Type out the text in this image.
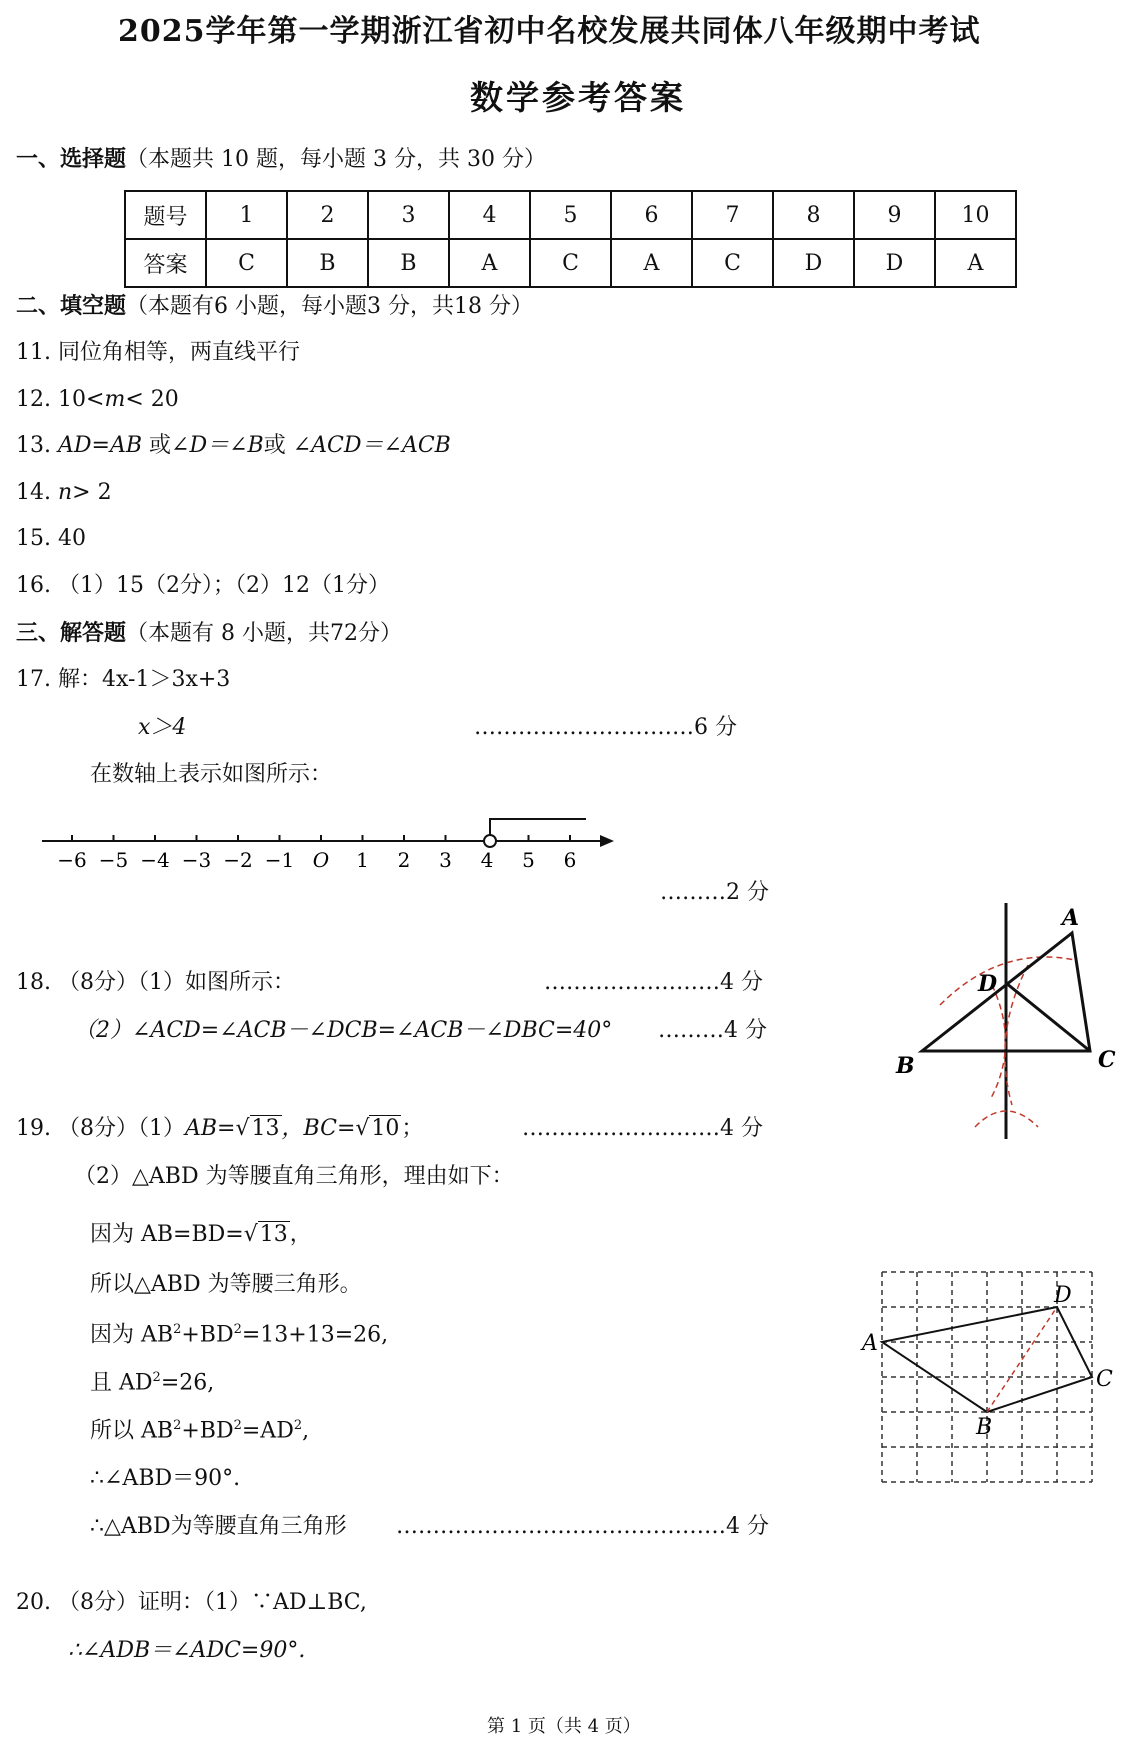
2025学年第一学期浙江省初中名校发展共同体八年级期中考试
数学参考答案
一、选择题（本题共 10 题，每小题 3 分，共 30 分）
题号	1	2	3	4	5	6	7	8	9	10
答案	C	B	B	A	C	A	C	D	D	A
二、填空题（本题有6 小题，每小题3 分，共18 分）
11. 同位角相等，两直线平行
12. 10<m< 20
13. AD=AB 或∠D＝∠B或 ∠ACD＝∠ACB
14. n> 2
15. 40
16. （1）15（2分）；（2）12（1分）
三、解答题（本题有 8 小题，共72分）
17. 解：4x-1＞3x+3
x＞4	…………………………6 分
在数轴上表示如图所示：
−6 −5 −4 −3 −2 −1 O 1 2 3 4 5 6
………2 分
18. （8分）（1）如图所示：	……………………4 分
（2）∠ACD=∠ACB－∠DCB=∠ACB－∠DBC=40° ………4 分
A
B	C
D
19. （8分）（1）AB=√13，BC=√10；	………………………4 分
（2）△ABD 为等腰直角三角形，理由如下：
因为 AB=BD=√13，
所以△ABD 为等腰三角形。
因为 $AB^2+BD^2=13+13=26$,
且 $AD^2=26$,
所以 $AB^2+BD^2=AD^2$,
∴∠ABD＝90°.
∴△ABD为等腰直角三角形 ………………………………………4 分
A
B
C
D
20. （8分）证明：（1）∵AD⊥BC,
∴∠ADB＝∠ADC=90°.
第 1 页（共 4 页）
